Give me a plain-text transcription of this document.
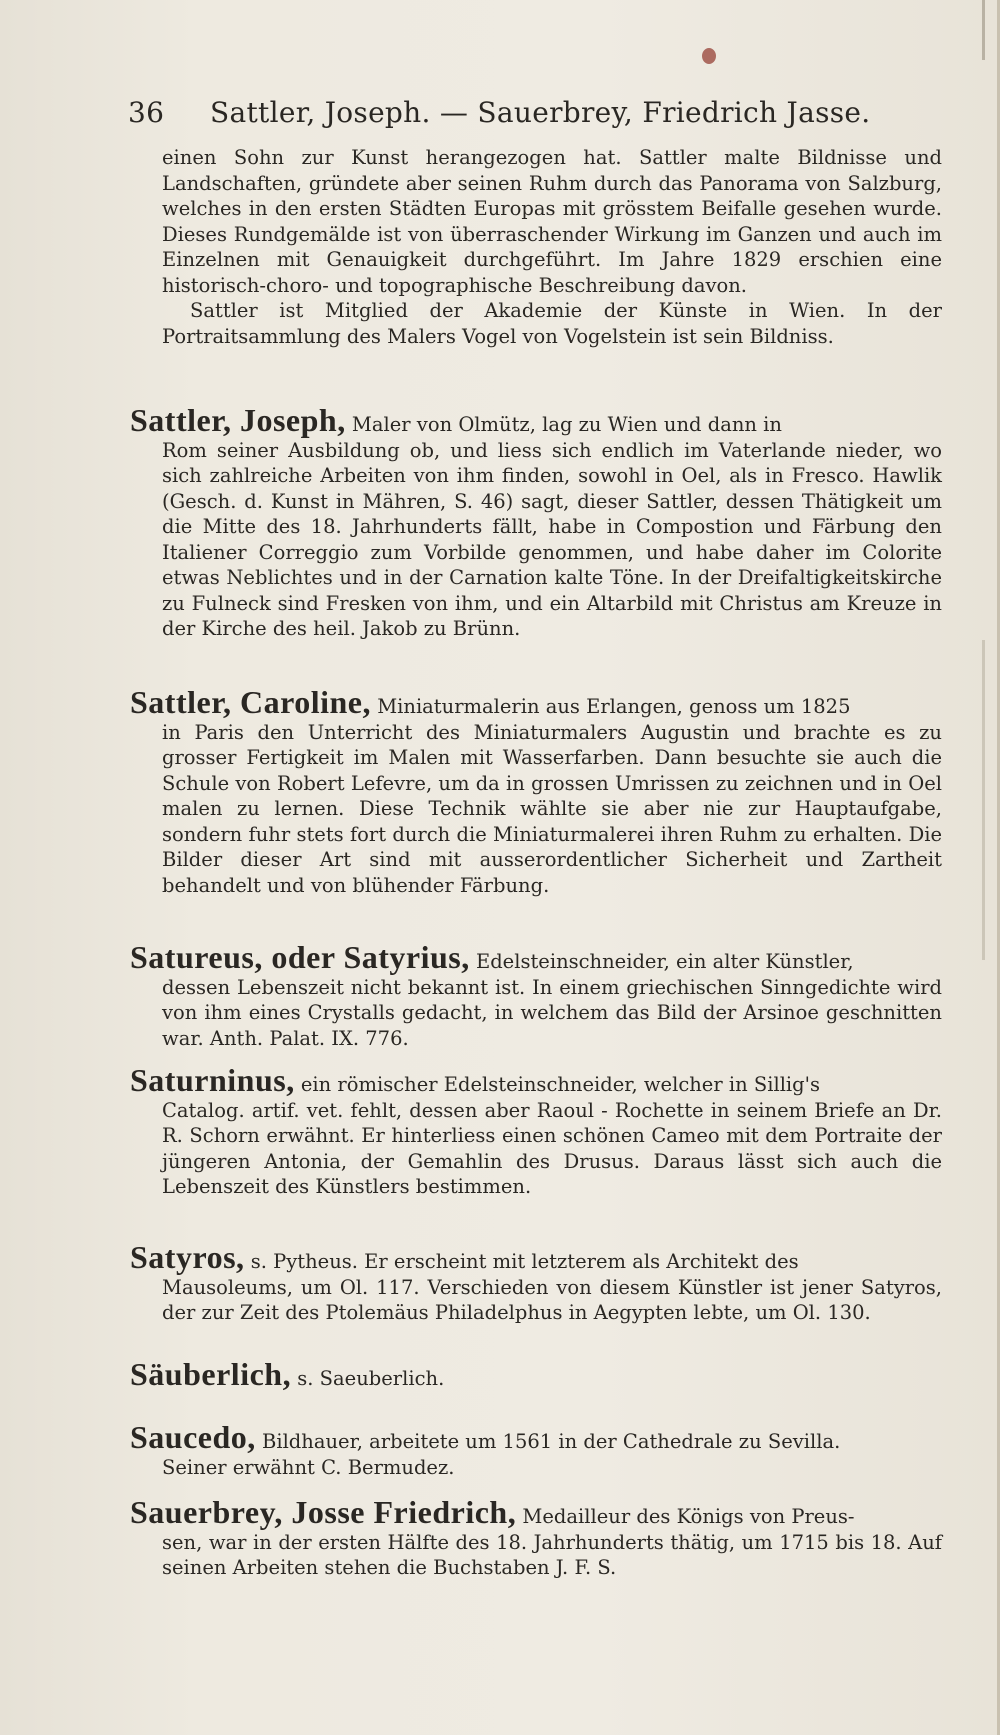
36 Sattler, Joseph. — Sauerbrey, Friedrich Jasse.

einen Sohn zur Kunst herangezogen hat. Sattler malte Bildnisse und Landschaften, gründete aber seinen Ruhm durch das Panorama von Salzburg, welches in den ersten Städten Europas mit grösstem Beifalle gesehen wurde. Dieses Rundgemälde ist von überraschender Wirkung im Ganzen und auch im Einzelnen mit Genauigkeit durchgeführt. Im Jahre 1829 erschien eine historisch-choro- und topographische Beschreibung davon.

Sattler ist Mitglied der Akademie der Künste in Wien. In der Portraitsammlung des Malers Vogel von Vogelstein ist sein Bildniss.

Sattler, Joseph, Maler von Olmütz, lag zu Wien und dann in

Rom seiner Ausbildung ob, und liess sich endlich im Vaterlande nieder, wo sich zahlreiche Arbeiten von ihm finden, sowohl in Oel, als in Fresco. Hawlik (Gesch. d. Kunst in Mähren, S. 46) sagt, dieser Sattler, dessen Thätigkeit um die Mitte des 18. Jahrhunderts fällt, habe in Compostion und Färbung den Italiener Correggio zum Vorbilde genommen, und habe daher im Colorite etwas Neblichtes und in der Carnation kalte Töne. In der Dreifaltigkeitskirche zu Fulneck sind Fresken von ihm, und ein Altarbild mit Christus am Kreuze in der Kirche des heil. Jakob zu Brünn.

Sattler, Caroline, Miniaturmalerin aus Erlangen, genoss um 1825

in Paris den Unterricht des Miniaturmalers Augustin und brachte es zu grosser Fertigkeit im Malen mit Wasserfarben. Dann besuchte sie auch die Schule von Robert Lefevre, um da in grossen Umrissen zu zeichnen und in Oel malen zu lernen. Diese Technik wählte sie aber nie zur Hauptaufgabe, sondern fuhr stets fort durch die Miniaturmalerei ihren Ruhm zu erhalten. Die Bilder dieser Art sind mit ausserordentlicher Sicherheit und Zartheit behandelt und von blühender Färbung.

Satureus, oder Satyrius, Edelsteinschneider, ein alter Künstler,

dessen Lebenszeit nicht bekannt ist. In einem griechischen Sinngedichte wird von ihm eines Crystalls gedacht, in welchem das Bild der Arsinoe geschnitten war. Anth. Palat. IX. 776.

Saturninus, ein römischer Edelsteinschneider, welcher in Sillig's

Catalog. artif. vet. fehlt, dessen aber Raoul - Rochette in seinem Briefe an Dr. R. Schorn erwähnt. Er hinterliess einen schönen Cameo mit dem Portraite der jüngeren Antonia, der Gemahlin des Drusus. Daraus lässt sich auch die Lebenszeit des Künstlers bestimmen.

Satyros, s. Pytheus. Er erscheint mit letzterem als Architekt des

Mausoleums, um Ol. 117. Verschieden von diesem Künstler ist jener Satyros, der zur Zeit des Ptolemäus Philadelphus in Aegypten lebte, um Ol. 130.

Säuberlich, s. Saeuberlich.

Saucedo, Bildhauer, arbeitete um 1561 in der Cathedrale zu Sevilla.

Seiner erwähnt C. Bermudez.

Sauerbrey, Josse Friedrich, Medailleur des Königs von Preus-

sen, war in der ersten Hälfte des 18. Jahrhunderts thätig, um 1715 bis 18. Auf seinen Arbeiten stehen die Buchstaben J. F. S.
